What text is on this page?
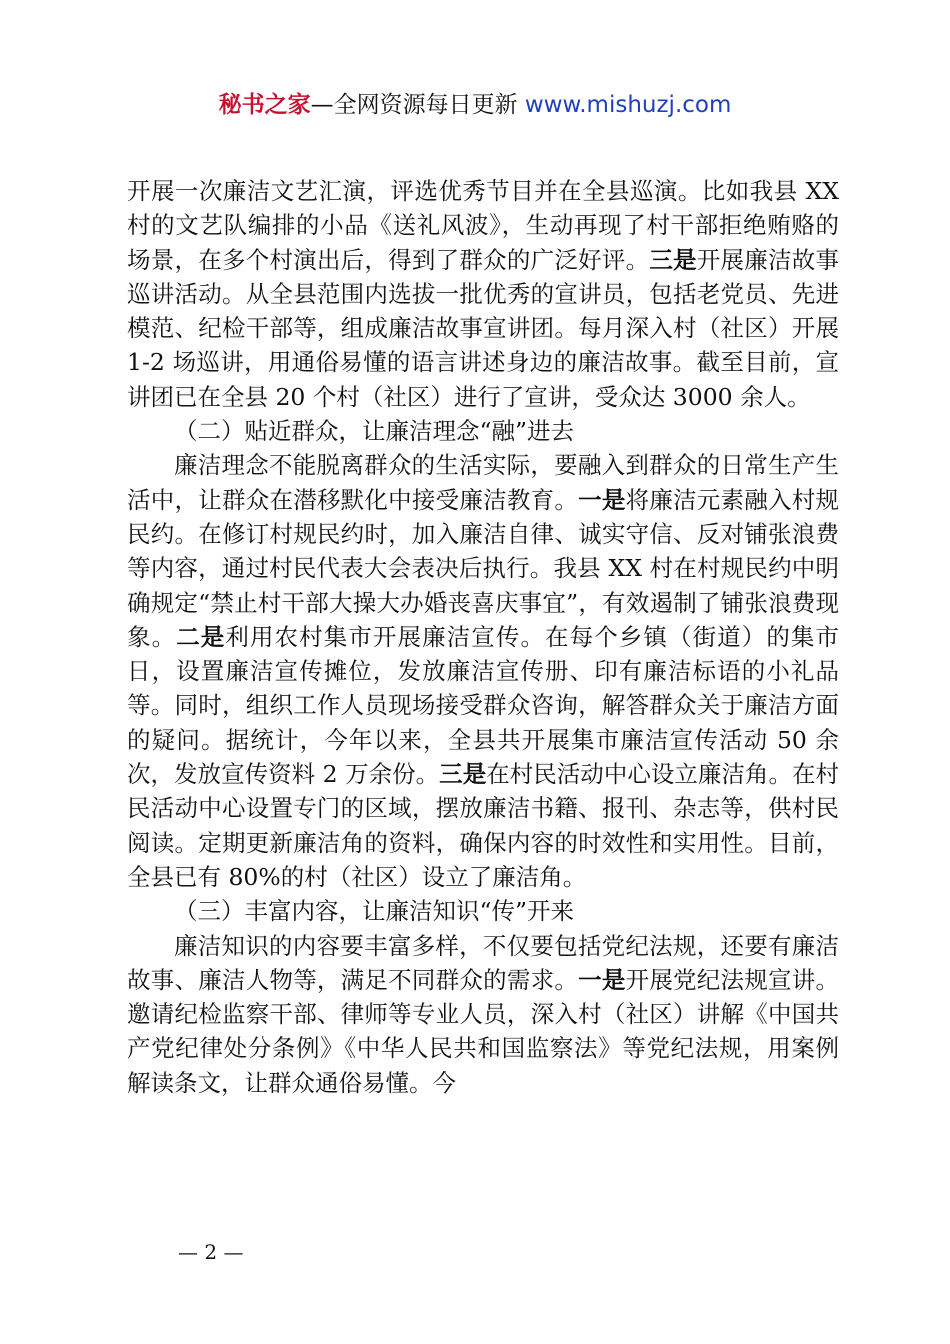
秘书之家—全网资源每日更新 www.mishuzj.com

开展一次廉洁文艺汇演，评选优秀节目并在全县巡演。比如我县 XX 村的文艺队编排的小品《送礼风波》，生动再现了村干部拒绝贿赂的场景，在多个村演出后，得到了群众的广泛好评。三是开展廉洁故事巡讲活动。从全县范围内选拔一批优秀的宣讲员，包括老党员、先进模范、纪检干部等，组成廉洁故事宣讲团。每月深入村（社区）开展 1-2 场巡讲，用通俗易懂的语言讲述身边的廉洁故事。截至目前，宣讲团已在全县 20 个村（社区）进行了宣讲，受众达 3000 余人。

（二）贴近群众，让廉洁理念“融”进去

廉洁理念不能脱离群众的生活实际，要融入到群众的日常生产生活中，让群众在潜移默化中接受廉洁教育。一是将廉洁元素融入村规民约。在修订村规民约时，加入廉洁自律、诚实守信、反对铺张浪费等内容，通过村民代表大会表决后执行。我县 XX 村在村规民约中明确规定“禁止村干部大操大办婚丧喜庆事宜”，有效遏制了铺张浪费现象。二是利用农村集市开展廉洁宣传。在每个乡镇（街道）的集市日，设置廉洁宣传摊位，发放廉洁宣传册、印有廉洁标语的小礼品等。同时，组织工作人员现场接受群众咨询，解答群众关于廉洁方面的疑问。据统计，今年以来，全县共开展集市廉洁宣传活动 50 余次，发放宣传资料 2 万余份。三是在村民活动中心设立廉洁角。在村民活动中心设置专门的区域，摆放廉洁书籍、报刊、杂志等，供村民阅读。定期更新廉洁角的资料，确保内容的时效性和实用性。目前，全县已有 80%的村（社区）设立了廉洁角。

（三）丰富内容，让廉洁知识“传”开来

廉洁知识的内容要丰富多样，不仅要包括党纪法规，还要有廉洁故事、廉洁人物等，满足不同群众的需求。一是开展党纪法规宣讲。邀请纪检监察干部、律师等专业人员，深入村（社区）讲解《中国共产党纪律处分条例》《中华人民共和国监察法》等党纪法规，用案例解读条文，让群众通俗易懂。今

— 2 —
